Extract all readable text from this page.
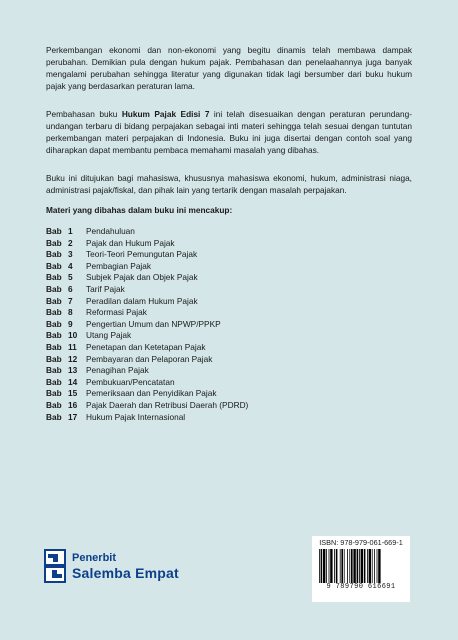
Perkembangan ekonomi dan non-ekonomi yang begitu dinamis telah membawa dampak perubahan. Demikian pula dengan hukum pajak. Pembahasan dan penelaahannya juga banyak mengalami perubahan sehingga literatur yang digunakan tidak lagi bersumber dari buku hukum pajak yang berdasarkan peraturan lama.
Pembahasan buku Hukum Pajak Edisi 7 ini telah disesuaikan dengan peraturan perundang-undangan terbaru di bidang perpajakan sebagai inti materi sehingga telah sesuai dengan tuntutan perkembangan materi perpajakan di Indonesia. Buku ini juga disertai dengan contoh soal yang diharapkan dapat membantu pembaca memahami masalah yang dibahas.
Buku ini ditujukan bagi mahasiswa, khususnya mahasiswa ekonomi, hukum, administrasi niaga, administrasi pajak/fiskal, dan pihak lain yang tertarik dengan masalah perpajakan.
Materi yang dibahas dalam buku ini mencakup:
Bab 1 Pendahuluan
Bab 2 Pajak dan Hukum Pajak
Bab 3 Teori-Teori Pemungutan Pajak
Bab 4 Pembagian Pajak
Bab 5 Subjek Pajak dan Objek Pajak
Bab 6 Tarif Pajak
Bab 7 Peradilan dalam Hukum Pajak
Bab 8 Reformasi Pajak
Bab 9 Pengertian Umum dan NPWP/PPKP
Bab 10 Utang Pajak
Bab 11 Penetapan dan Ketetapan Pajak
Bab 12 Pembayaran dan Pelaporan Pajak
Bab 13 Penagihan Pajak
Bab 14 Pembukuan/Pencatatan
Bab 15 Pemeriksaan dan Penyidikan Pajak
Bab 16 Pajak Daerah dan Retribusi Daerah (PDRD)
Bab 17 Hukum Pajak Internasional
Penerbit
Salemba Empat
ISBN: 978-979-061-669-1
9 789790 616691
